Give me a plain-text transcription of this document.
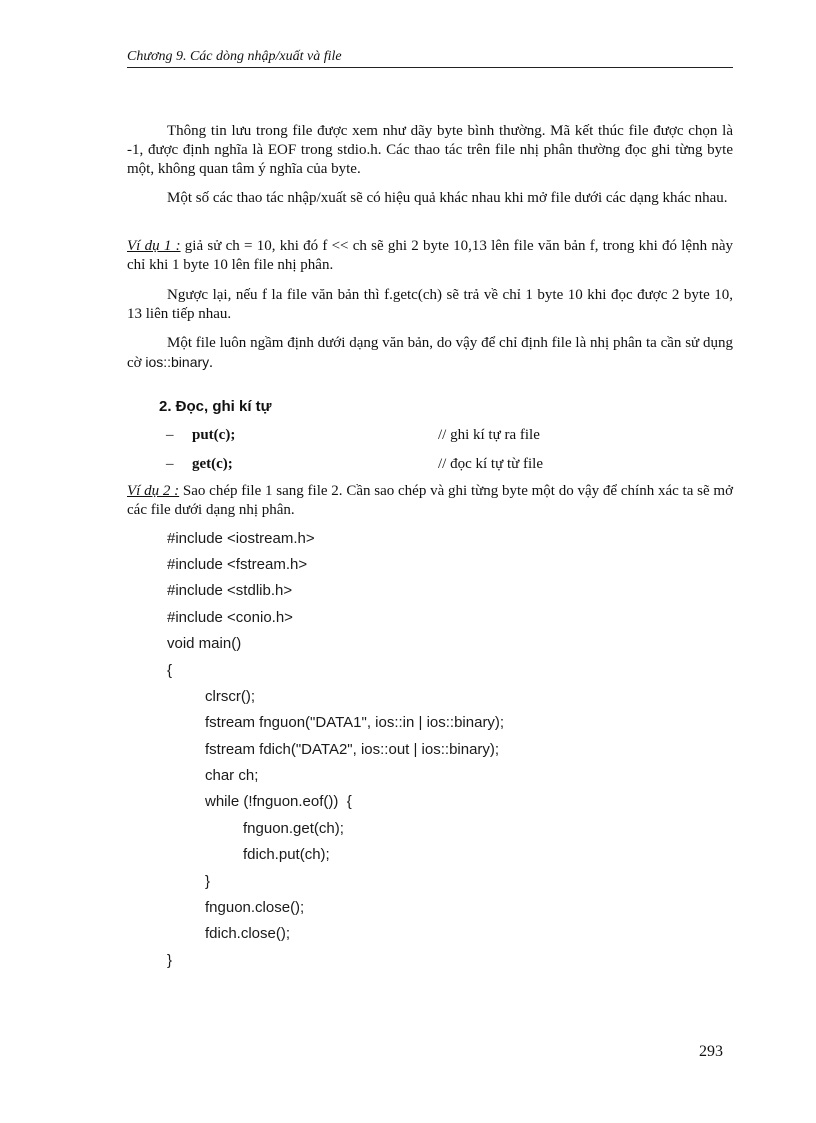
Chương 9. Các dòng nhập/xuất và file
Thông tin lưu trong file được xem như dãy byte bình thường. Mã kết thúc file được chọn là -1, được định nghĩa là EOF trong stdio.h. Các thao tác trên file nhị phân thường đọc ghi từng byte một, không quan tâm ý nghĩa của byte.
Một số các thao tác nhập/xuất sẽ có hiệu quả khác nhau khi mở file dưới các dạng khác nhau.
Ví dụ 1 : giả sử ch = 10, khi đó f << ch sẽ ghi 2 byte 10,13 lên file văn bản f, trong khi đó lệnh này chỉ khi 1 byte 10 lên file nhị phân.
Ngược lại, nếu f la file văn bản thì f.getc(ch) sẽ trả về chỉ 1 byte 10 khi đọc được 2 byte 10, 13 liên tiếp nhau.
Một file luôn ngầm định dưới dạng văn bản, do vậy để chỉ định file là nhị phân ta cần sử dụng cờ ios::binary.
2. Đọc, ghi kí tự
– put(c);	// ghi kí tự ra file
– get(c);	// đọc kí tự từ file
Ví dụ 2 : Sao chép file 1 sang file 2. Cần sao chép và ghi từng byte một do vậy để chính xác ta sẽ mở các file dưới dạng nhị phân.
#include <iostream.h>
#include <fstream.h>
#include <stdlib.h>
#include <conio.h>
void main()
{
clrscr();
fstream fnguon("DATA1", ios::in | ios::binary);
fstream fdich("DATA2", ios::out | ios::binary);
char ch;
while (!fnguon.eof())  {
fnguon.get(ch);
fdich.put(ch);
}
fnguon.close();
fdich.close();
}
293
